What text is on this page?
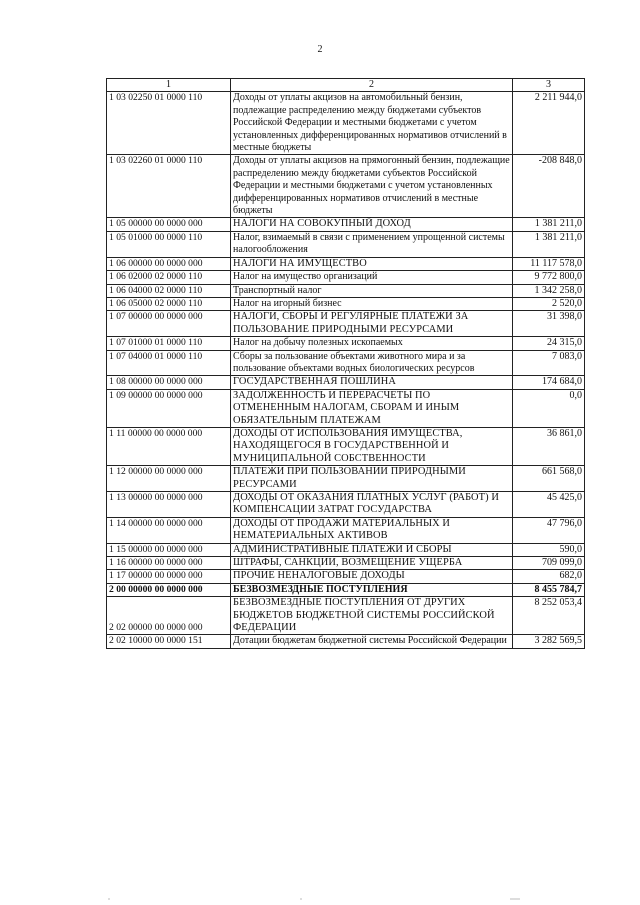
2
1	2	3
1 03 02250 01 0000 110	Доходы от уплаты акцизов на автомобильный бензин, подлежащие распределению между бюджетами субъектов Российской Федерации и местными бюджетами с учетом установленных дифференцированных нормативов отчислений в местные бюджеты	2 211 944,0
1 03 02260 01 0000 110	Доходы от уплаты акцизов на прямогонный бензин, подлежащие распределению между бюджетами субъектов Российской Федерации и местными бюджетами с учетом установленных дифференцированных нормативов отчислений в местные бюджеты	-208 848,0
1 05 00000 00 0000 000	НАЛОГИ НА СОВОКУПНЫЙ ДОХОД	1 381 211,0
1 05 01000 00 0000 110	Налог, взимаемый в связи с применением упрощенной системы налогообложения	1 381 211,0
1 06 00000 00 0000 000	НАЛОГИ НА ИМУЩЕСТВО	11 117 578,0
1 06 02000 02 0000 110	Налог на имущество организаций	9 772 800,0
1 06 04000 02 0000 110	Транспортный налог	1 342 258,0
1 06 05000 02 0000 110	Налог на игорный бизнес	2 520,0
1 07 00000 00 0000 000	НАЛОГИ, СБОРЫ И РЕГУЛЯРНЫЕ ПЛАТЕЖИ ЗА ПОЛЬЗОВАНИЕ ПРИРОДНЫМИ РЕСУРСАМИ	31 398,0
1 07 01000 01 0000 110	Налог на добычу полезных ископаемых	24 315,0
1 07 04000 01 0000 110	Сборы за пользование объектами животного мира и за пользование объектами водных биологических ресурсов	7 083,0
1 08 00000 00 0000 000	ГОСУДАРСТВЕННАЯ ПОШЛИНА	174 684,0
1 09 00000 00 0000 000	ЗАДОЛЖЕННОСТЬ И ПЕРЕРАСЧЕТЫ ПО ОТМЕНЕННЫМ НАЛОГАМ, СБОРАМ И ИНЫМ ОБЯЗАТЕЛЬНЫМ ПЛАТЕЖАМ	0,0
1 11 00000 00 0000 000	ДОХОДЫ ОТ ИСПОЛЬЗОВАНИЯ ИМУЩЕСТВА, НАХОДЯЩЕГОСЯ В ГОСУДАРСТВЕННОЙ И МУНИЦИПАЛЬНОЙ СОБСТВЕННОСТИ	36 861,0
1 12 00000 00 0000 000	ПЛАТЕЖИ ПРИ ПОЛЬЗОВАНИИ ПРИРОДНЫМИ РЕСУРСАМИ	661 568,0
1 13 00000 00 0000 000	ДОХОДЫ ОТ ОКАЗАНИЯ ПЛАТНЫХ УСЛУГ (РАБОТ) И КОМПЕНСАЦИИ ЗАТРАТ ГОСУДАРСТВА	45 425,0
1 14 00000 00 0000 000	ДОХОДЫ ОТ ПРОДАЖИ МАТЕРИАЛЬНЫХ И НЕМАТЕРИАЛЬНЫХ АКТИВОВ	47 796,0
1 15 00000 00 0000 000	АДМИНИСТРАТИВНЫЕ ПЛАТЕЖИ И СБОРЫ	590,0
1 16 00000 00 0000 000	ШТРАФЫ, САНКЦИИ, ВОЗМЕЩЕНИЕ УЩЕРБА	709 099,0
1 17 00000 00 0000 000	ПРОЧИЕ НЕНАЛОГОВЫЕ ДОХОДЫ	682,0
2 00 00000 00 0000 000	БЕЗВОЗМЕЗДНЫЕ ПОСТУПЛЕНИЯ	8 455 784,7
2 02 00000 00 0000 000	БЕЗВОЗМЕЗДНЫЕ ПОСТУПЛЕНИЯ ОТ ДРУГИХ БЮДЖЕТОВ БЮДЖЕТНОЙ СИСТЕМЫ РОССИЙСКОЙ ФЕДЕРАЦИИ	8 252 053,4
2 02 10000 00 0000 151	Дотации бюджетам бюджетной системы Российской Федерации	3 282 569,5
